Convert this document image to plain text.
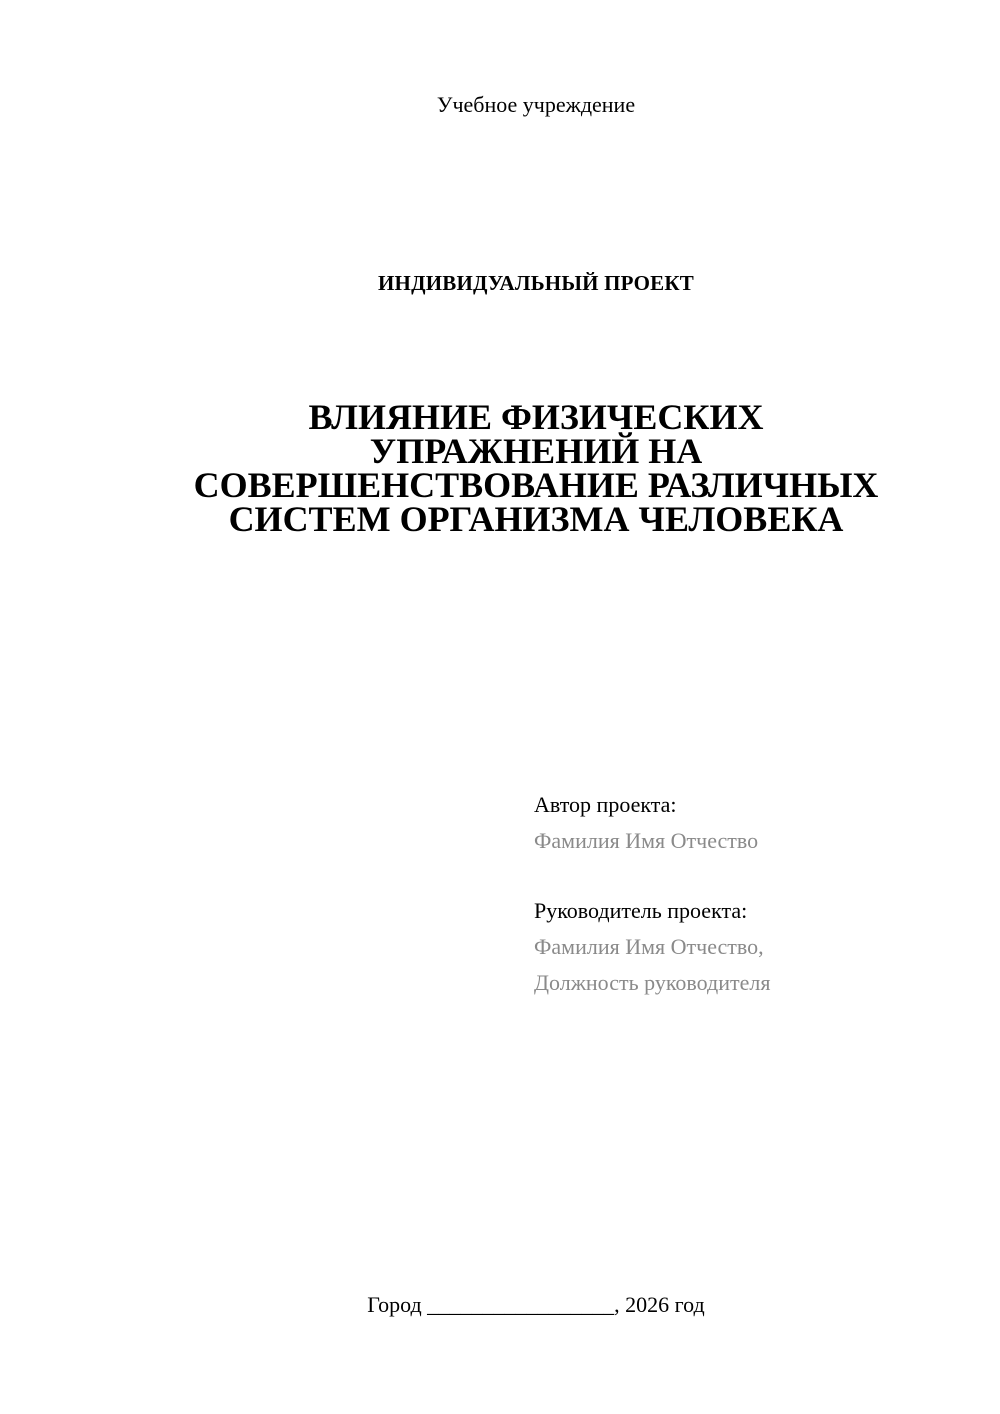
Учебное учреждение
ИНДИВИДУАЛЬНЫЙ ПРОЕКТ
ВЛИЯНИЕ ФИЗИЧЕСКИХ
УПРАЖНЕНИЙ НА
СОВЕРШЕНСТВОВАНИЕ РАЗЛИЧНЫХ
СИСТЕМ ОРГАНИЗМА ЧЕЛОВЕКА
Автор проекта:
Фамилия Имя Отчество
Руководитель проекта:
Фамилия Имя Отчество,
Должность руководителя
Город _________________, 2026 год
